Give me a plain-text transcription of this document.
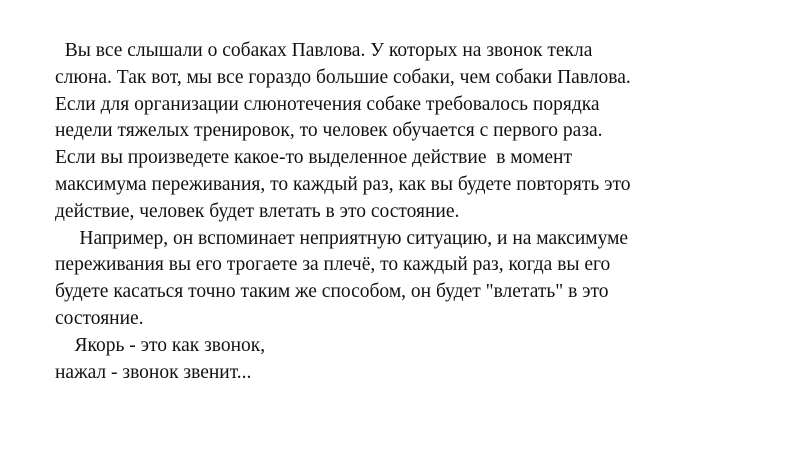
Вы все слышали о собаках Павлова. У которых на звонок текла
слюна. Так вот, мы все гораздо большие собаки, чем собаки Павлова.
Если для организации слюнотечения собаке требовалось порядка
недели тяжелых тренировок, то человек обучается с первого раза.
Если вы произведете какое-то выделенное действие  в момент
максимума переживания, то каждый раз, как вы будете повторять это
действие, человек будет влетать в это состояние.
Например, он вспоминает неприятную ситуацию, и на максимуме
переживания вы его трогаете за плечё, то каждый раз, когда вы его
будете касаться точно таким же способом, он будет "влетать" в это
состояние.
Якорь - это как звонок,
нажал - звонок звенит...
